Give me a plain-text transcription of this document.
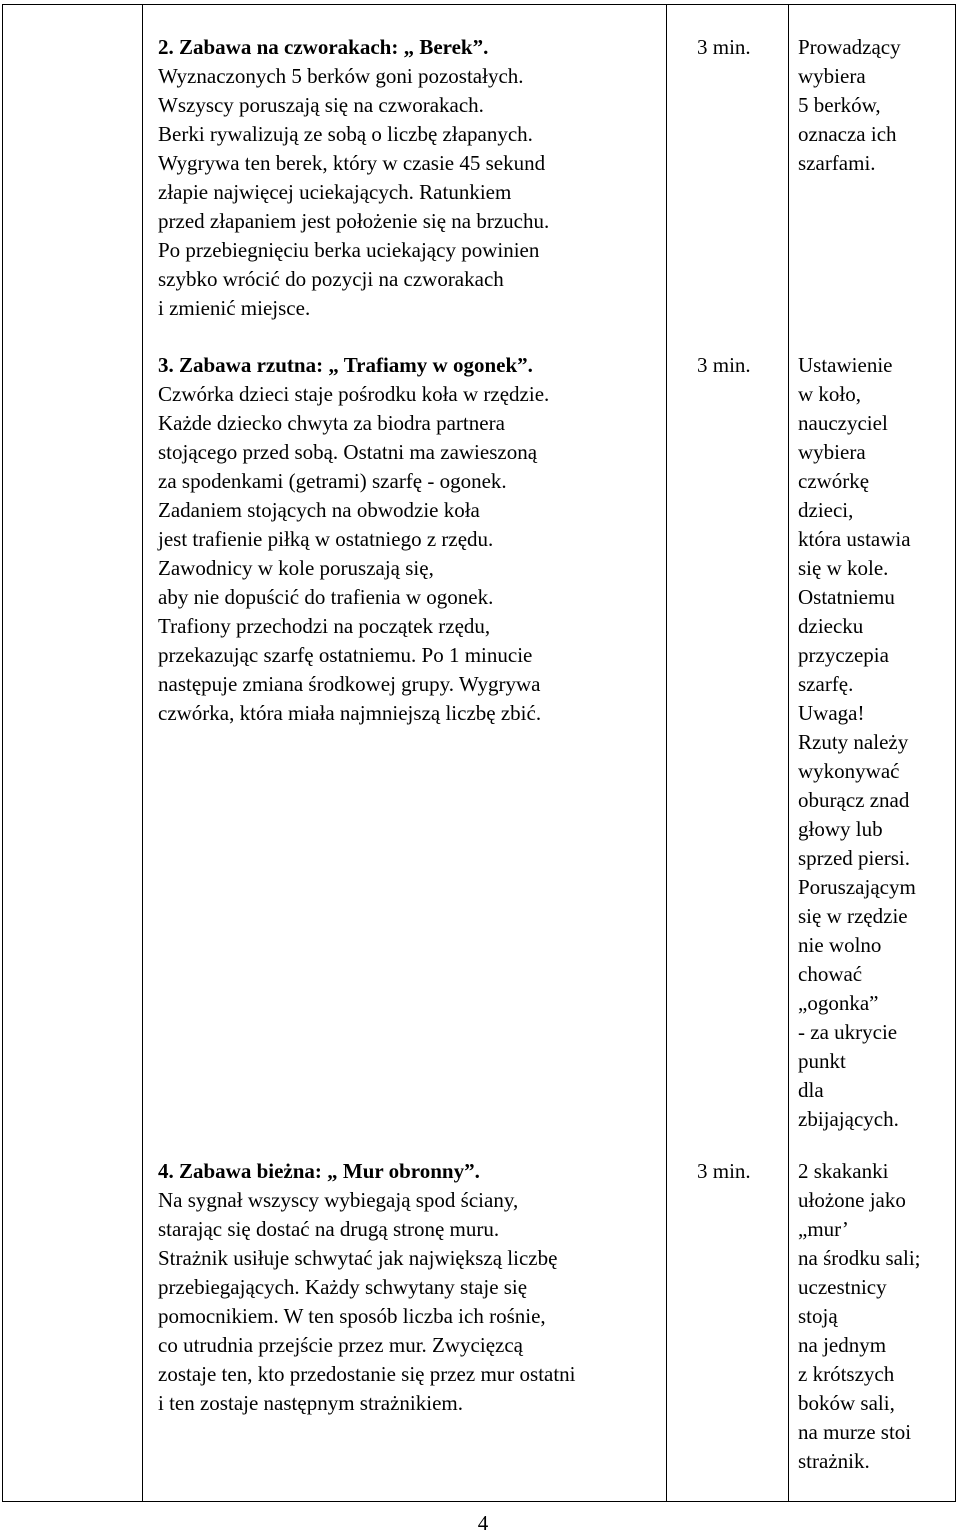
2. Zabawa na czworakach: „ Berek”.
Wyznaczonych 5 berków goni pozostałych.
Wszyscy poruszają się na czworakach.
Berki rywalizują ze sobą o liczbę złapanych.
Wygrywa ten berek, który w czasie 45 sekund
złapie najwięcej uciekających. Ratunkiem
przed złapaniem jest położenie się na brzuchu.
Po przebiegnięciu berka uciekający powinien
szybko wrócić do pozycji na czworakach
i zmienić miejsce.
3 min.	Prowadzący
wybiera
5 berków,
oznacza ich
szarfami.
3. Zabawa rzutna: „ Trafiamy w ogonek”.
Czwórka dzieci staje pośrodku koła w rzędzie.
Każde dziecko chwyta za biodra partnera
stojącego przed sobą. Ostatni ma zawieszoną
za spodenkami (getrami) szarfę - ogonek.
Zadaniem stojących na obwodzie koła
jest trafienie piłką w ostatniego z rzędu.
Zawodnicy w kole poruszają się,
aby nie dopuścić do trafienia w ogonek.
Trafiony przechodzi na początek rzędu,
przekazując szarfę ostatniemu. Po 1 minucie
następuje zmiana środkowej grupy. Wygrywa
czwórka, która miała najmniejszą liczbę zbić.
3 min.	Ustawienie
w koło,
nauczyciel
wybiera
czwórkę
dzieci,
która ustawia
się w kole.
Ostatniemu
dziecku
przyczepia
szarfę.
Uwaga!
Rzuty należy
wykonywać
oburącz znad
głowy lub
sprzed piersi.
Poruszającym
się w rzędzie
nie wolno
chować
„ogonka”
- za ukrycie
punkt
dla
zbijających.
4. Zabawa bieżna: „ Mur obronny”.
Na sygnał wszyscy wybiegają spod ściany,
starając się dostać na drugą stronę muru.
Strażnik usiłuje schwytać jak największą liczbę
przebiegających. Każdy schwytany staje się
pomocnikiem. W ten sposób liczba ich rośnie,
co utrudnia przejście przez mur. Zwycięzcą
zostaje ten, kto przedostanie się przez mur ostatni
i ten zostaje następnym strażnikiem.
3 min.	2 skakanki
ułożone jako
„mur’
na środku sali;
uczestnicy
stoją
na jednym
z krótszych
boków sali,
na murze stoi
strażnik.
4
